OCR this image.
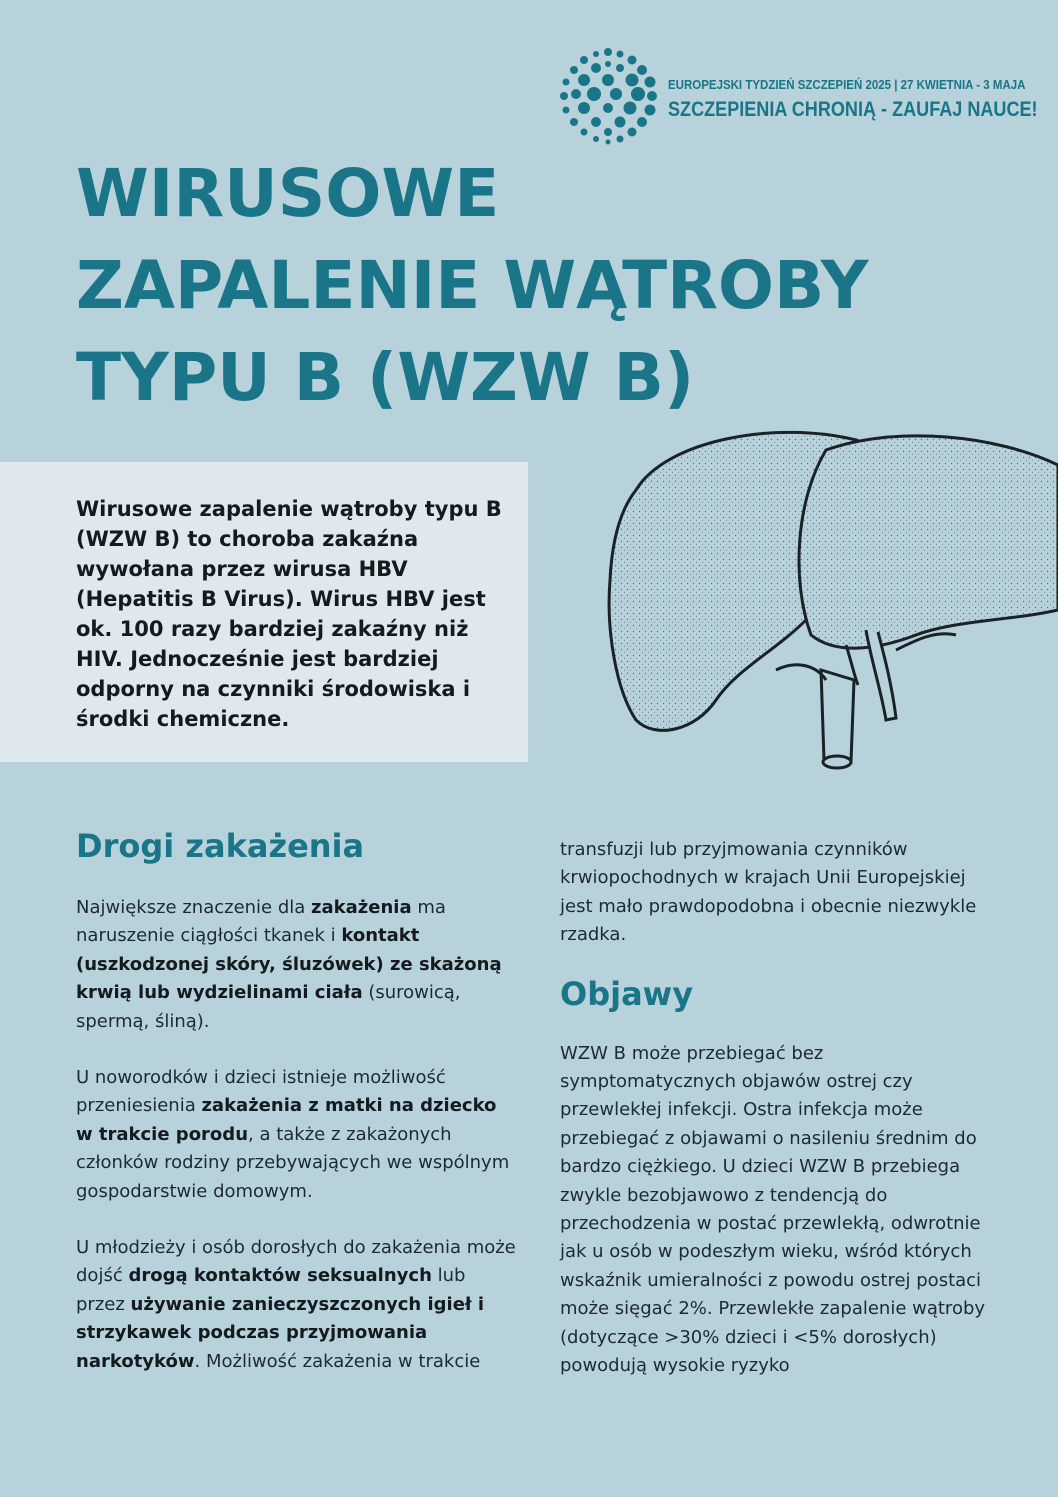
EUROPEJSKI TYDZIEŃ SZCZEPIEŃ 2025 | 27 KWIETNIA - 3 MAJA
SZCZEPIENIA CHRONIĄ - ZAUFAJ NAUCE!
WIRUSOWE
ZAPALENIE WĄTROBY
TYPU B (WZW B)

Wirusowe zapalenie wątroby typu B (WZW B) to choroba zakaźna wywołana przez wirusa HBV (Hepatitis B Virus). Wirus HBV jest ok. 100 razy bardziej zakaźny niż HIV. Jednocześnie jest bardziej odporny na czynniki środowiska i środki chemiczne.

Drogi zakażenia

Największe znaczenie dla zakażenia ma naruszenie ciągłości tkanek i kontakt (uszkodzonej skóry, śluzówek) ze skażoną krwią lub wydzielinami ciała (surowicą, spermą, śliną).

U noworodków i dzieci istnieje możliwość przeniesienia zakażenia z matki na dziecko w trakcie porodu, a także z zakażonych członków rodziny przebywających we wspólnym gospodarstwie domowym.

U młodzieży i osób dorosłych do zakażenia może dojść drogą kontaktów seksualnych lub przez używanie zanieczyszczonych igieł i strzykawek podczas przyjmowania narkotyków. Możliwość zakażenia w trakcie

transfuzji lub przyjmowania czynników krwiopochodnych w krajach Unii Europejskiej jest mało prawdopodobna i obecnie niezwykle rzadka.

Objawy

WZW B może przebiegać bez symptomatycznych objawów ostrej czy przewlekłej infekcji. Ostra infekcja może przebiegać z objawami o nasileniu średnim do bardzo ciężkiego. U dzieci WZW B przebiega zwykle bezobjawowo z tendencją do przechodzenia w postać przewlekłą, odwrotnie jak u osób w podeszłym wieku, wśród których wskaźnik umieralności z powodu ostrej postaci może sięgać 2%. Przewlekłe zapalenie wątroby (dotyczące >30% dzieci i <5% dorosłych) powodują wysokie ryzyko
